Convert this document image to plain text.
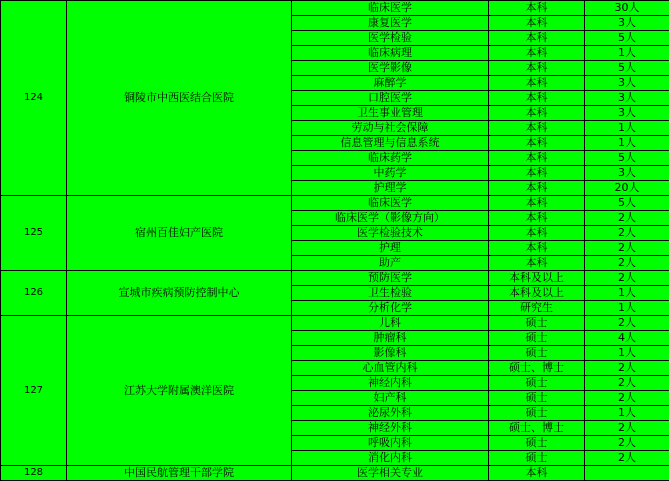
124	铜陵市中西医结合医院	临床医学	本科	30人
		康复医学	本科	3人
		医学检验	本科	5人
		临床病理	本科	1人
		医学影像	本科	5人
		麻醉学	本科	3人
		口腔医学	本科	3人
		卫生事业管理	本科	3人
		劳动与社会保障	本科	1人
		信息管理与信息系统	本科	1人
		临床药学	本科	5人
		中药学	本科	3人
		护理学	本科	20人
125	宿州百佳妇产医院	临床医学	本科	5人
		临床医学（影像方向）	本科	2人
		医学检验技术	本科	2人
		护理	本科	2人
		助产	本科	2人
126	宣城市疾病预防控制中心	预防医学	本科及以上	2人
		卫生检验	本科及以上	1人
		分析化学	研究生	1人
127	江苏大学附属澳洋医院	儿科	硕士	2人
		肿瘤科	硕士	4人
		影像科	硕士	1人
		心血管内科	硕士、博士	2人
		神经内科	硕士	2人
		妇产科	硕士	2人
		泌尿外科	硕士	1人
		神经外科	硕士、博士	2人
		呼吸内科	硕士	2人
		消化内科	硕士	2人
128	中国民航管理干部学院	医学相关专业	本科	
